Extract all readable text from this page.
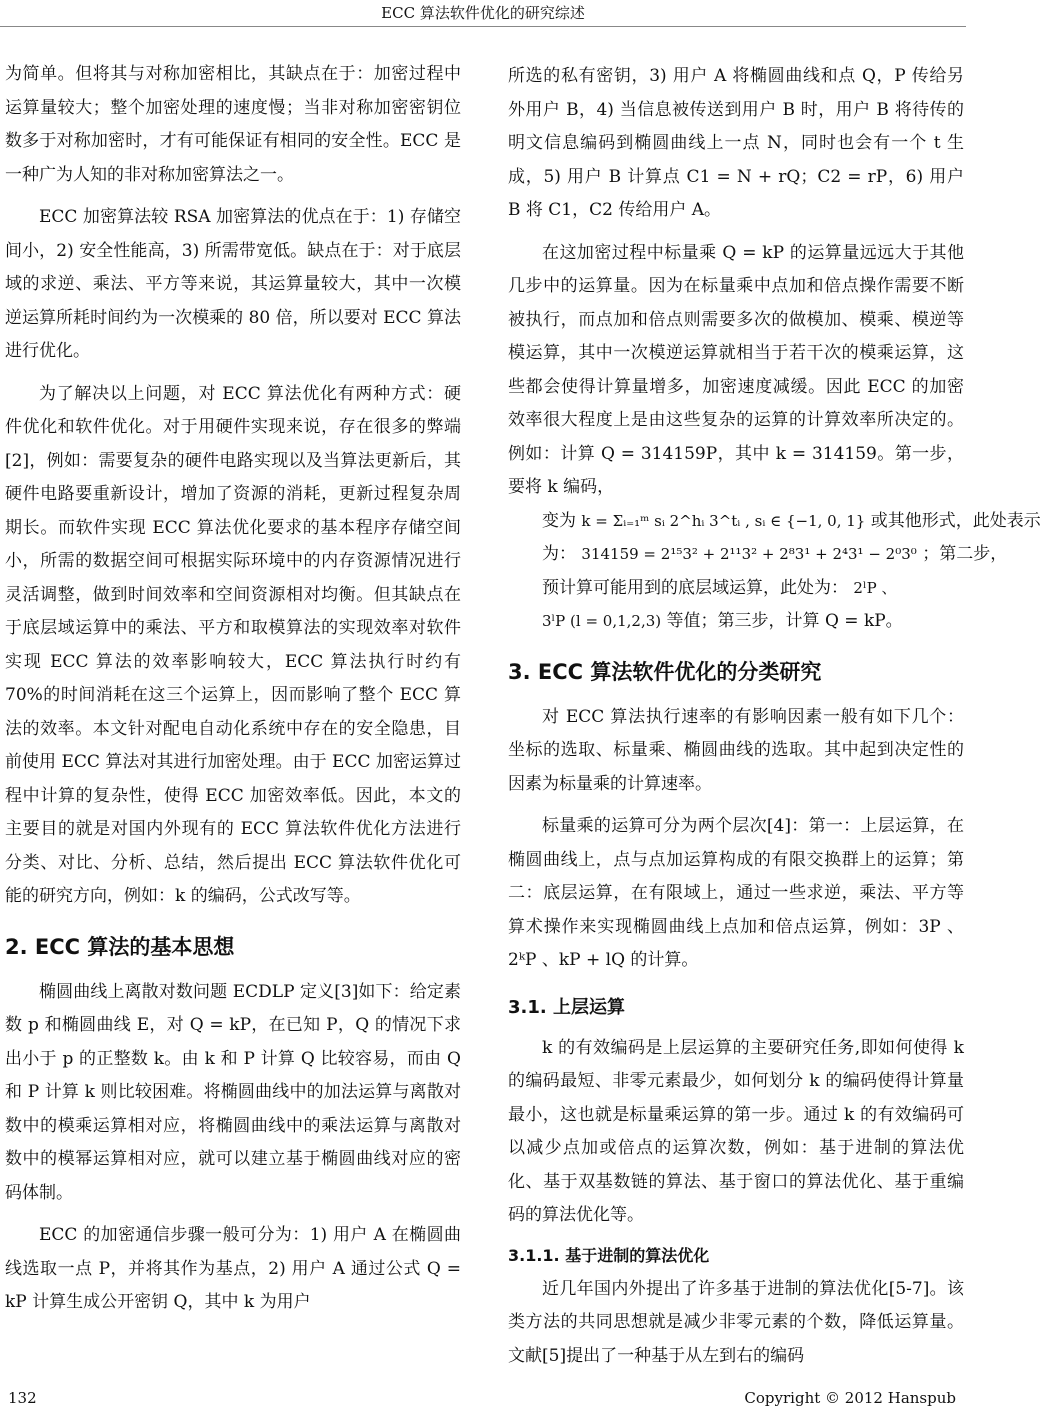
ECC 算法软件优化的研究综述

为简单。但将其与对称加密相比，其缺点在于：加密过程中运算量较大；整个加密处理的速度慢；当非对称加密密钥位数多于对称加密时，才有可能保证有相同的安全性。ECC 是一种广为人知的非对称加密算法之一。

ECC 加密算法较 RSA 加密算法的优点在于：1) 存储空间小，2) 安全性能高，3) 所需带宽低。缺点在于：对于底层域的求逆、乘法、平方等来说，其运算量较大，其中一次模逆运算所耗时间约为一次模乘的 80 倍，所以要对 ECC 算法进行优化。

为了解决以上问题，对 ECC 算法优化有两种方式：硬件优化和软件优化。对于用硬件实现来说，存在很多的弊端[2]，例如：需要复杂的硬件电路实现以及当算法更新后，其硬件电路要重新设计，增加了资源的消耗，更新过程复杂周期长。而软件实现 ECC 算法优化要求的基本程序存储空间小，所需的数据空间可根据实际环境中的内存资源情况进行灵活调整，做到时间效率和空间资源相对均衡。但其缺点在于底层域运算中的乘法、平方和取模算法的实现效率对软件实现 ECC 算法的效率影响较大，ECC 算法执行时约有 70%的时间消耗在这三个运算上，因而影响了整个 ECC 算法的效率。本文针对配电自动化系统中存在的安全隐患，目前使用 ECC 算法对其进行加密处理。由于 ECC 加密运算过程中计算的复杂性，使得 ECC 加密效率低。因此，本文的主要目的就是对国内外现有的 ECC 算法软件优化方法进行分类、对比、分析、总结，然后提出 ECC 算法软件优化可能的研究方向，例如：k 的编码，公式改写等。

2. ECC 算法的基本思想

椭圆曲线上离散对数问题 ECDLP 定义[3]如下：给定素数 p 和椭圆曲线 E，对 Q = kP，在已知 P，Q 的情况下求出小于 p 的正整数 k。由 k 和 P 计算 Q 比较容易，而由 Q 和 P 计算 k 则比较困难。将椭圆曲线中的加法运算与离散对数中的模乘运算相对应，将椭圆曲线中的乘法运算与离散对数中的模幂运算相对应，就可以建立基于椭圆曲线对应的密码体制。

ECC 的加密通信步骤一般可分为：1) 用户 A 在椭圆曲线选取一点 P，并将其作为基点，2) 用户 A 通过公式 Q = kP 计算生成公开密钥 Q，其中 k 为用户

所选的私有密钥，3) 用户 A 将椭圆曲线和点 Q，P 传给另外用户 B，4) 当信息被传送到用户 B 时，用户 B 将待传的明文信息编码到椭圆曲线上一点 N，同时也会有一个 t 生成，5) 用户 B 计算点 C1 = N + rQ；C2 = rP，6) 用户 B 将 C1，C2 传给用户 A。

在这加密过程中标量乘 Q = kP 的运算量远远大于其他几步中的运算量。因为在标量乘中点加和倍点操作需要不断被执行，而点加和倍点则需要多次的做模加、模乘、模逆等模运算，其中一次模逆运算就相当于若干次的模乘运算，这些都会使得计算量增多，加密速度减缓。因此 ECC 的加密效率很大程度上是由这些复杂的运算的计算效率所决定的。例如：计算 Q = 314159P，其中 k = 314159。第一步，要将 k 编码，

变为 k = Σᵢ₌₁ᵐ sᵢ 2^hᵢ 3^tᵢ , sᵢ ∈ {−1, 0, 1} 或其他形式，此处表示

为： 314159 = 2¹⁵3² + 2¹¹3² + 2⁸3¹ + 2⁴3¹ − 2⁰3⁰ ；第二步，

预计算可能用到的底层域运算，此处为： 2ˡP 、

3ˡP (l = 0,1,2,3) 等值；第三步，计算 Q = kP。

3. ECC 算法软件优化的分类研究

对 ECC 算法执行速率的有影响因素一般有如下几个：坐标的选取、标量乘、椭圆曲线的选取。其中起到决定性的因素为标量乘的计算速率。

标量乘的运算可分为两个层次[4]：第一：上层运算，在椭圆曲线上，点与点加运算构成的有限交换群上的运算；第二：底层运算，在有限域上，通过一些求逆，乘法、平方等算术操作来实现椭圆曲线上点加和倍点运算，例如：3P 、2ᵏP 、kP + lQ 的计算。

3.1. 上层运算

k 的有效编码是上层运算的主要研究任务,即如何使得 k 的编码最短、非零元素最少，如何划分 k 的编码使得计算量最小，这也就是标量乘运算的第一步。通过 k 的有效编码可以减少点加或倍点的运算次数，例如：基于进制的算法优化、基于双基数链的算法、基于窗口的算法优化、基于重编码的算法优化等。

3.1.1. 基于进制的算法优化

近几年国内外提出了许多基于进制的算法优化[5-7]。该类方法的共同思想就是减少非零元素的个数，降低运算量。文献[5]提出了一种基于从左到右的编码

132	Copyright © 2012 Hanspub
